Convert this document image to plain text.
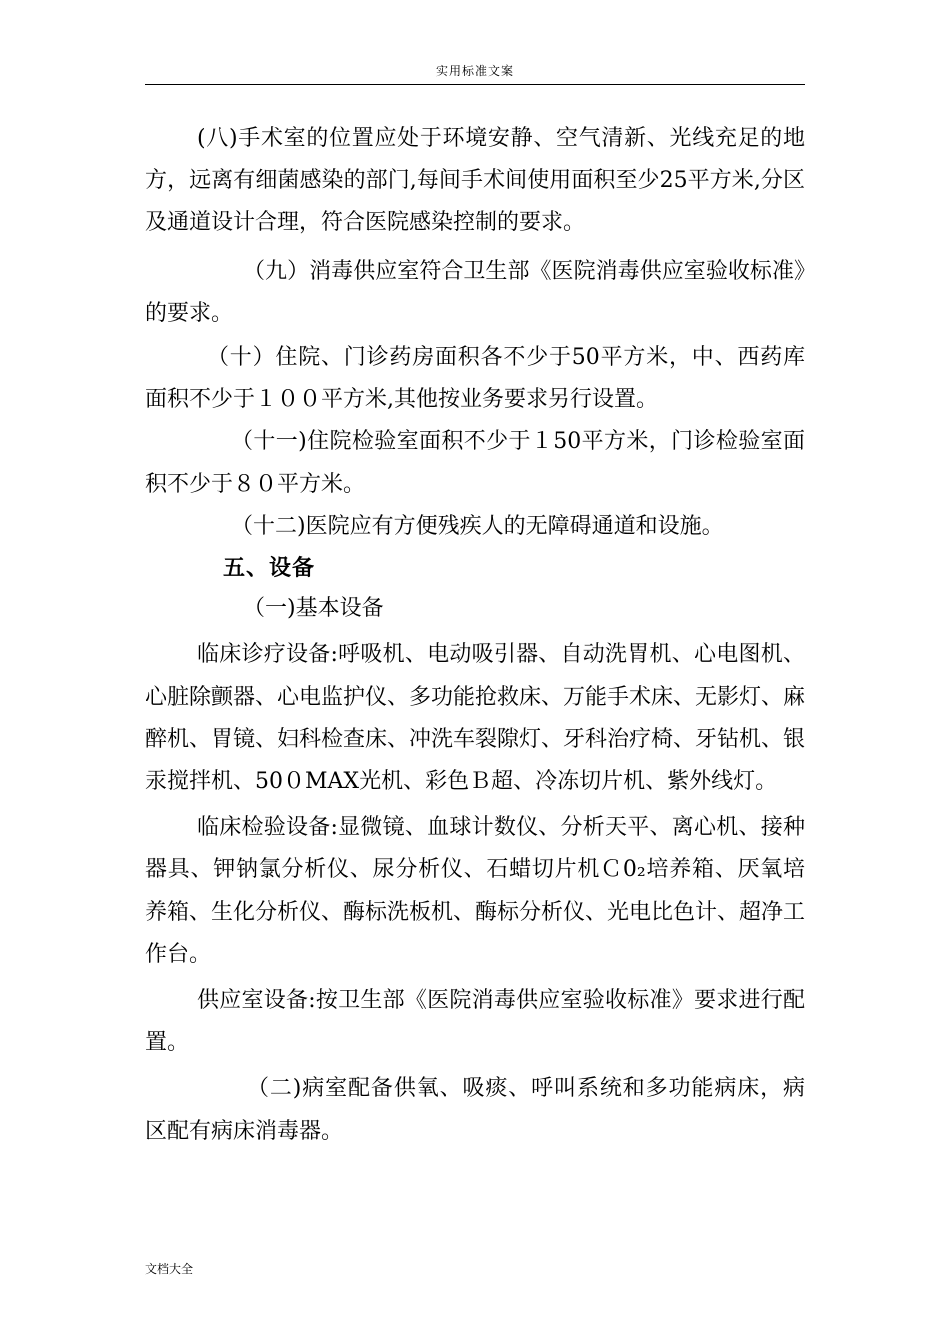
实用标准文案

(八)手术室的位置应处于环境安静、空气清新、光线充足的地方，远离有细菌感染的部门,每间手术间使用面积至少25平方米,分区及通道设计合理，符合医院感染控制的要求。

（九）消毒供应室符合卫生部《医院消毒供应室验收标准》的要求。

（十）住院、门诊药房面积各不少于50平方米，中、西药库面积不少于１００平方米,其他按业务要求另行设置。

（十一)住院检验室面积不少于１50平方米，门诊检验室面积不少于８０平方米。

（十二)医院应有方便残疾人的无障碍通道和设施。

五、设备

（一)基本设备

临床诊疗设备:呼吸机、电动吸引器、自动洗胃机、心电图机、心脏除颤器、心电监护仪、多功能抢救床、万能手术床、无影灯、麻醉机、胃镜、妇科检查床、冲洗车裂隙灯、牙科治疗椅、牙钻机、银汞搅拌机、50０MAX光机、彩色Ｂ超、冷冻切片机、紫外线灯。

临床检验设备:显微镜、血球计数仪、分析天平、离心机、接种器具、钾钠氯分析仪、尿分析仪、石蜡切片机Ｃ0₂培养箱、厌氧培养箱、生化分析仪、酶标洗板机、酶标分析仪、光电比色计、超净工作台。

供应室设备:按卫生部《医院消毒供应室验收标准》要求进行配置。

（二)病室配备供氧、吸痰、呼叫系统和多功能病床，病区配有病床消毒器。

文档大全
